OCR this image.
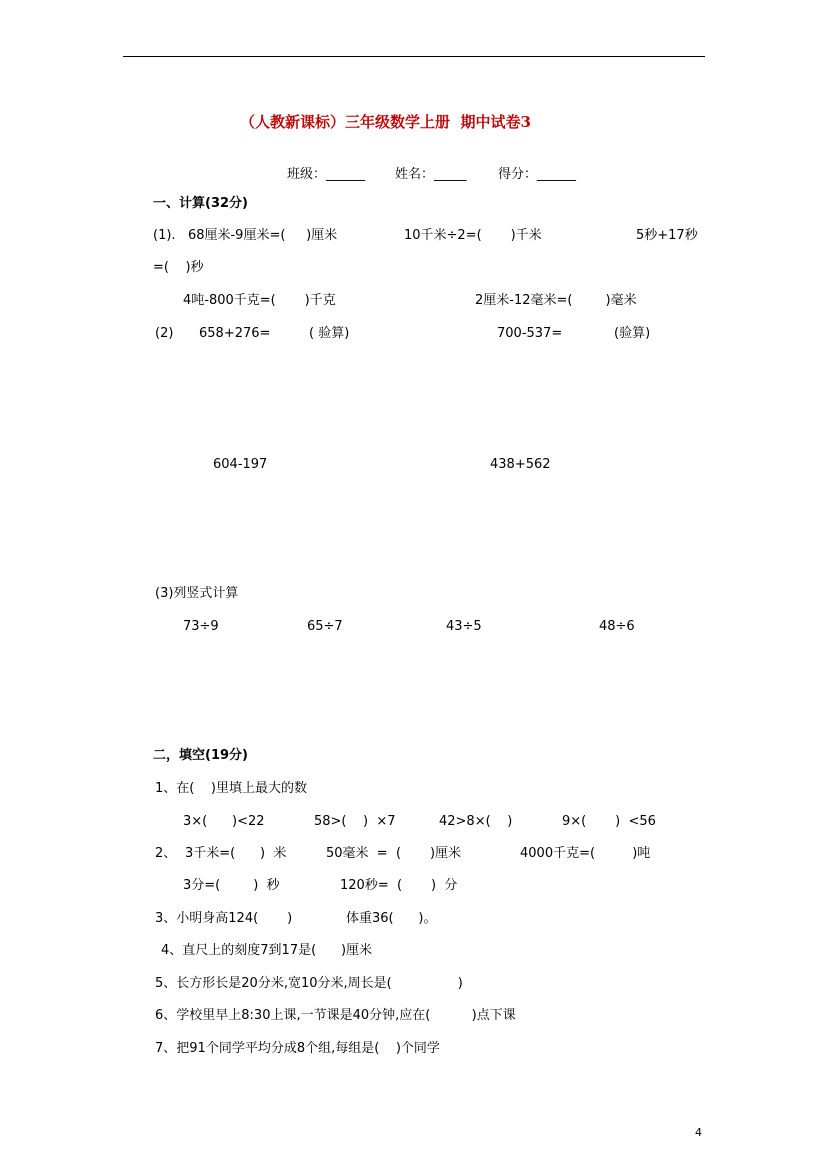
（人教新课标）三年级数学上册  期中试卷3
班级：______ 姓名：_____ 得分：______
一、计算(32分)
(1).   68厘米-9厘米=(     )厘米	10千米÷2=(       )千米	5秒+17秒
=(    )秒
4吨-800千克=(       )千克	2厘米-12毫米=(        )毫米
(2) 658+276=	( 验算)	700-537=	(验算)
604-197	438+562
(3)列竖式计算
73÷9	65÷7	43÷5	48÷6
二，填空(19分)
1、在(    )里填上最大的数
3×(      )<22	58>(    )  ×7	42>8×(    )	9×(       )  <56
2、 3千米=(      )  米	50毫米  =  (       )厘米	4000千克=(         )吨
3分=(        )  秒	120秒=  (       )  分
3、小明身高124(       )	体重36(      )。
4、直尺上的刻度7到17是(      )厘米
5、长方形长是20分米,宽10分米,周长是(                )
6、学校里早上8:30上课,一节课是40分钟,应在(          )点下课
7、把91个同学平均分成8个组,每组是(    )个同学
4
